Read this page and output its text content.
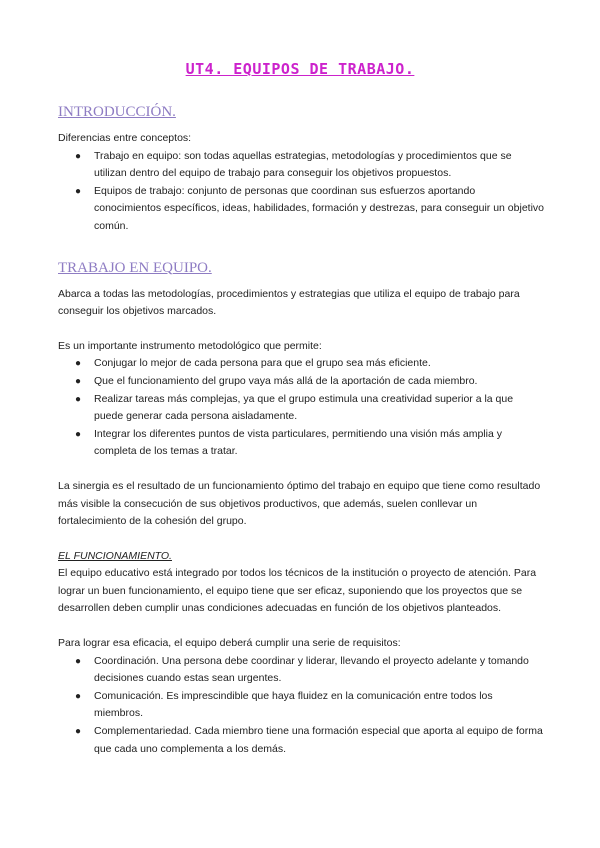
UT4. EQUIPOS DE TRABAJO.
INTRODUCCIÓN.

Diferencias entre conceptos:

● Trabajo en equipo: son todas aquellas estrategias, metodologías y procedimientos que se utilizan dentro del equipo de trabajo para conseguir los objetivos propuestos.
● Equipos de trabajo: conjunto de personas que coordinan sus esfuerzos aportando conocimientos específicos, ideas, habilidades, formación y destrezas, para conseguir un objetivo común.
TRABAJO EN EQUIPO.

Abarca a todas las metodologías, procedimientos y estrategias que utiliza el equipo de trabajo para conseguir los objetivos marcados.

Es un importante instrumento metodológico que permite:

● Conjugar lo mejor de cada persona para que el grupo sea más eficiente.
● Que el funcionamiento del grupo vaya más allá de la aportación de cada miembro.
● Realizar tareas más complejas, ya que el grupo estimula una creatividad superior a la que puede generar cada persona aisladamente.
● Integrar los diferentes puntos de vista particulares, permitiendo una visión más amplia y completa de los temas a tratar.

La sinergia es el resultado de un funcionamiento óptimo del trabajo en equipo que tiene como resultado más visible la consecución de sus objetivos productivos, que además, suelen conllevar un fortalecimiento de la cohesión del grupo.

EL FUNCIONAMIENTO.

El equipo educativo está integrado por todos los técnicos de la institución o proyecto de atención. Para lograr un buen funcionamiento, el equipo tiene que ser eficaz, suponiendo que los proyectos que se desarrollen deben cumplir unas condiciones adecuadas en función de los objetivos planteados.

Para lograr esa eficacia, el equipo deberá cumplir una serie de requisitos:

● Coordinación. Una persona debe coordinar y liderar, llevando el proyecto adelante y tomando decisiones cuando estas sean urgentes.
● Comunicación. Es imprescindible que haya fluidez en la comunicación entre todos los miembros.
● Complementariedad. Cada miembro tiene una formación especial que aporta al equipo de forma que cada uno complementa a los demás.
